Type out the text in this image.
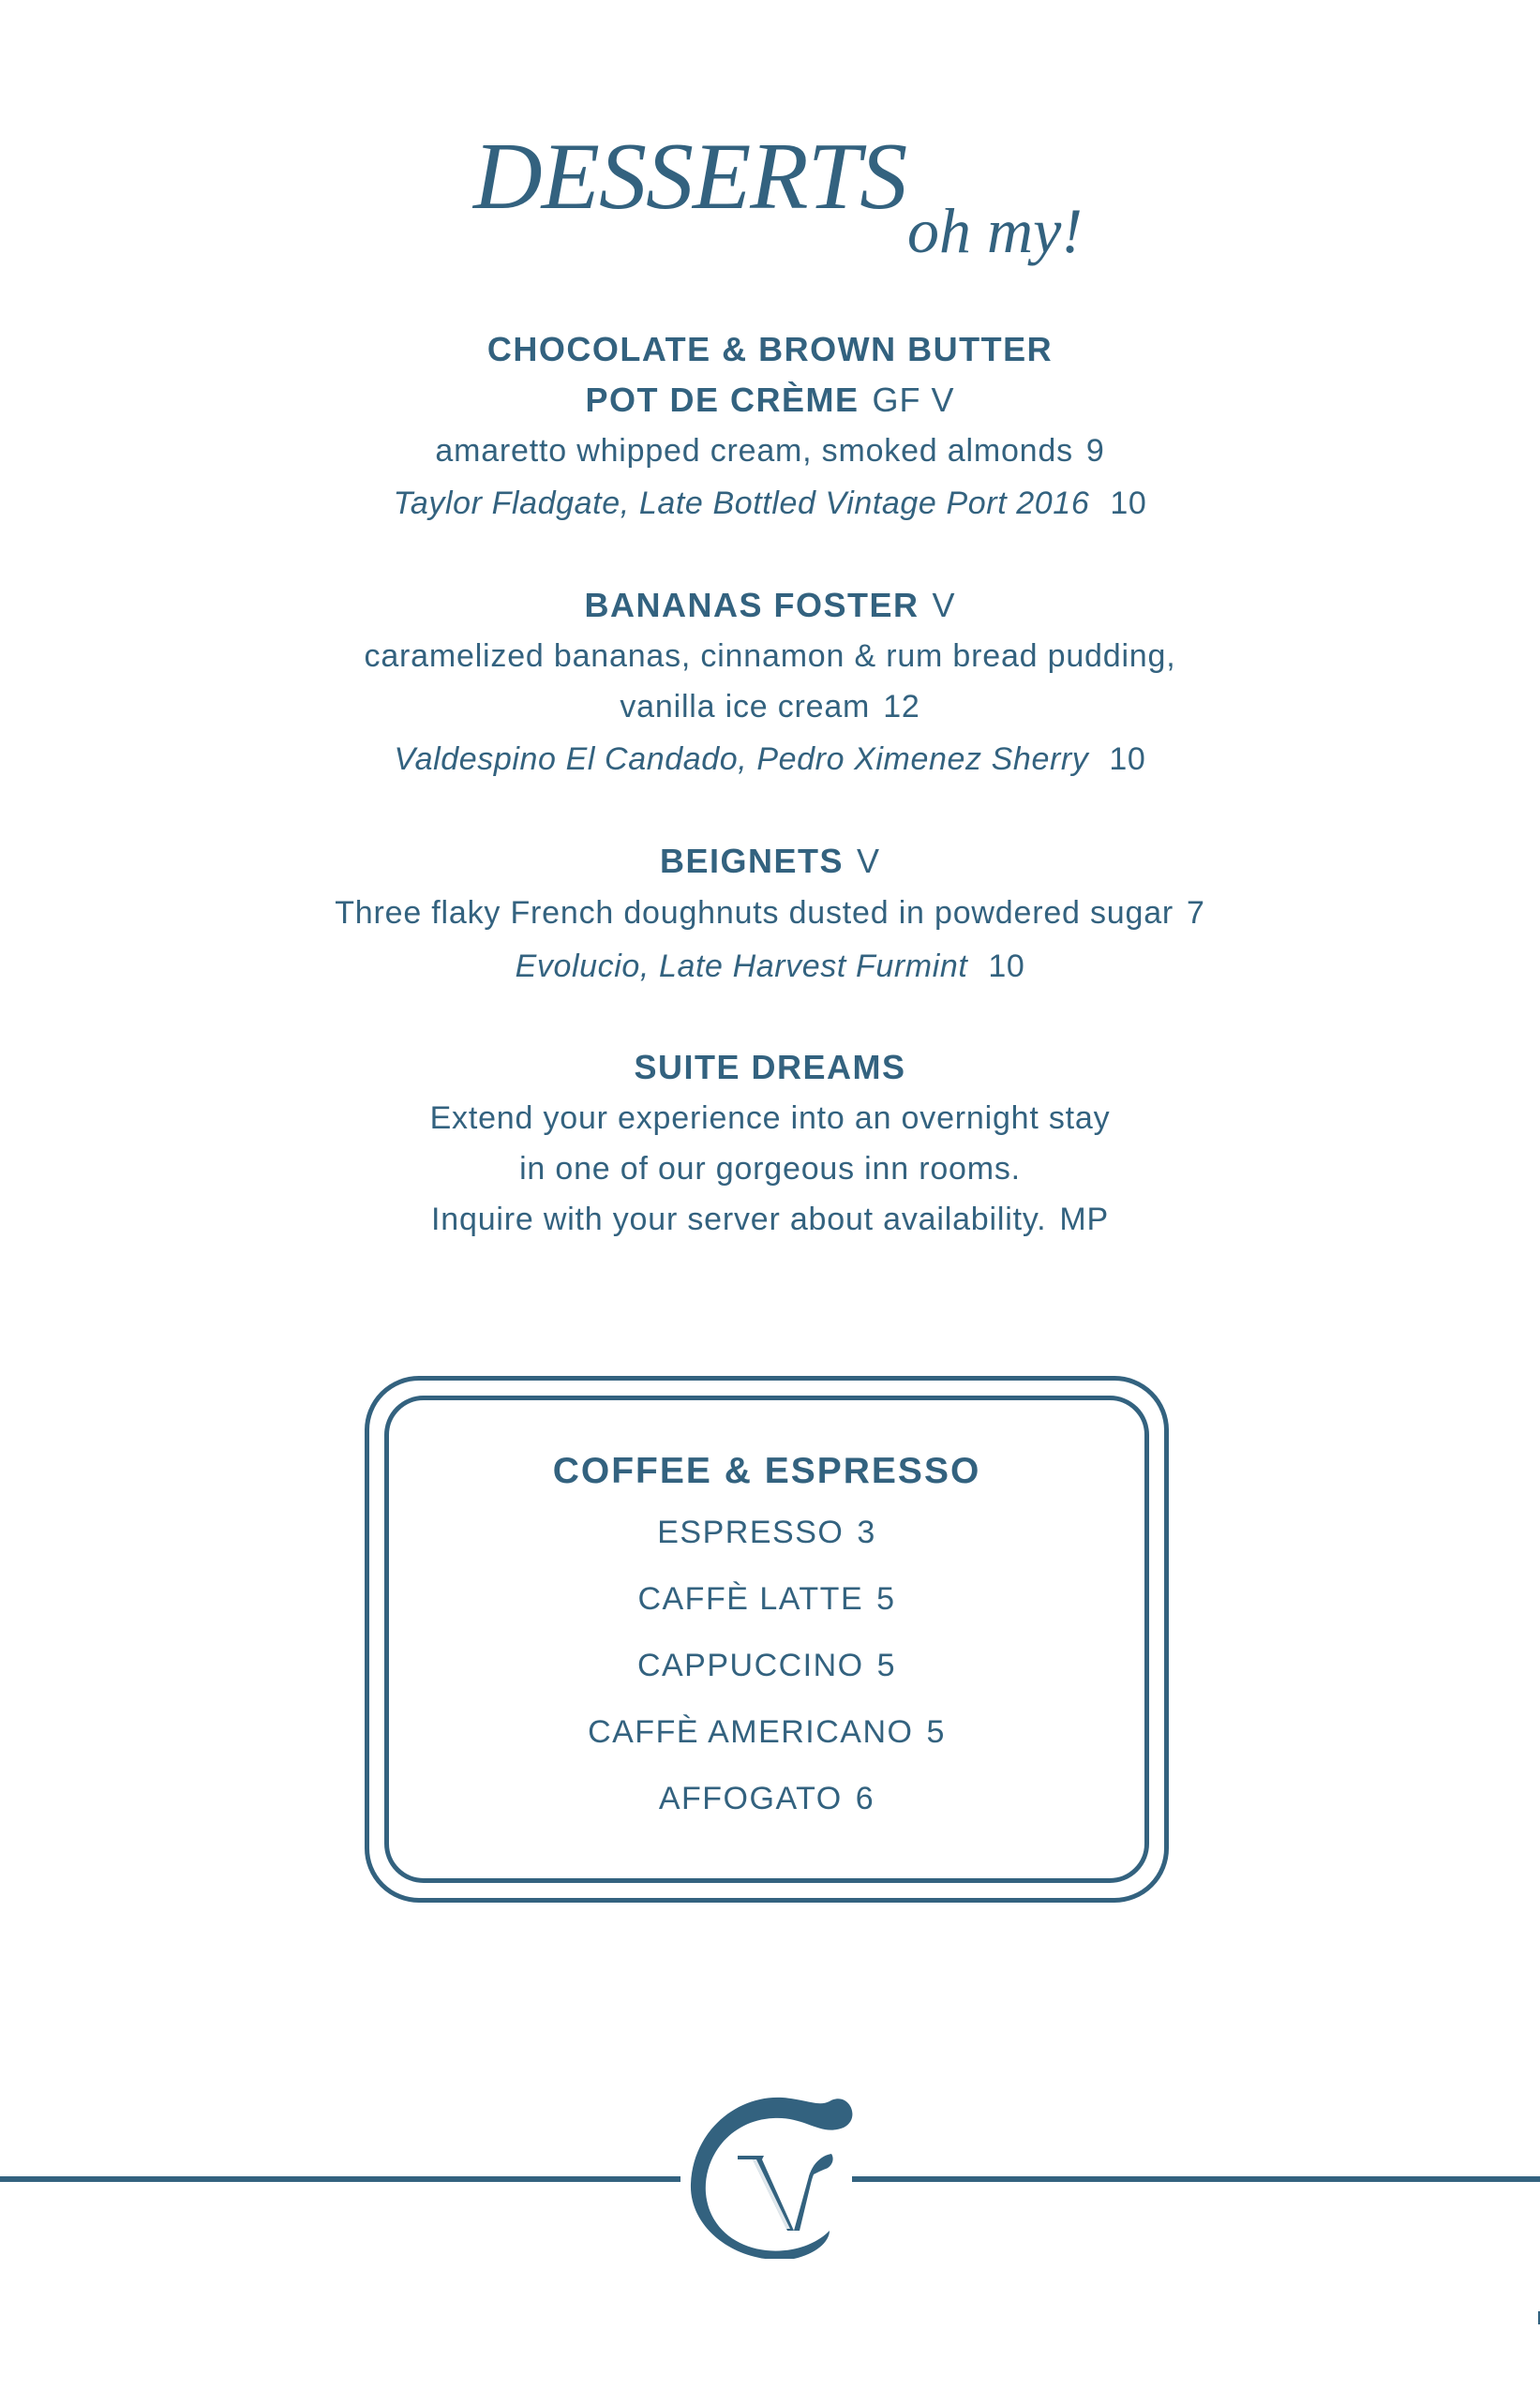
DESSERTS
oh my!
CHOCOLATE & BROWN BUTTER
POT DE CRÈME GF V
amaretto whipped cream, smoked almonds 9
Taylor Fladgate, Late Bottled Vintage Port 2016 10
BANANAS FOSTER V
caramelized bananas, cinnamon & rum bread pudding,
vanilla ice cream 12
Valdespino El Candado, Pedro Ximenez Sherry 10
BEIGNETS V
Three flaky French doughnuts dusted in powdered sugar 7
Evolucio, Late Harvest Furmint 10
SUITE DREAMS
Extend your experience into an overnight stay
in one of our gorgeous inn rooms.
Inquire with your server about availability. MP
COFFEE & ESPRESSO
ESPRESSO 3
CAFFÈ LATTE 5
CAPPUCCINO 5
CAFFÈ AMERICANO 5
AFFOGATO 6
